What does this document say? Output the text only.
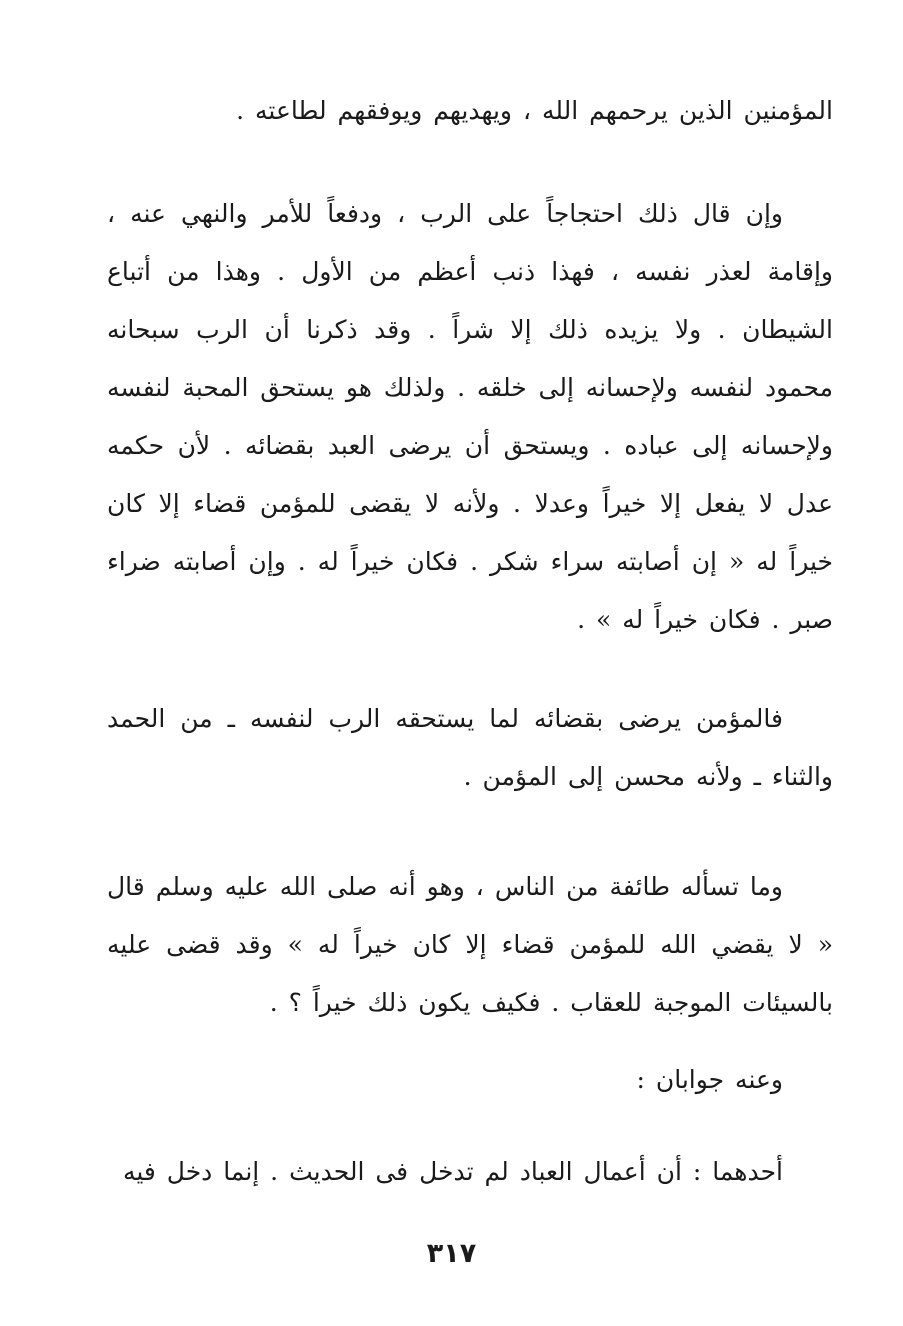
المؤمنين الذين يرحمهم الله ، ويهديهم ويوفقهم لطاعته .

وإن قال ذلك احتجاجاً على الرب ، ودفعاً للأمر والنهي عنه ، وإقامة لعذر نفسه ، فهذا ذنب أعظم من الأول . وهذا من أتباع الشيطان . ولا يزيده ذلك إلا شراً . وقد ذكرنا أن الرب سبحانه محمود لنفسه ولإحسانه إلى خلقه . ولذلك هو يستحق المحبة لنفسه ولإحسانه إلى عباده . ويستحق أن يرضى العبد بقضائه . لأن حكمه عدل لا يفعل إلا خيراً وعدلا . ولأنه لا يقضى للمؤمن قضاء إلا كان خيراً له « إن أصابته سراء شكر . فكان خيراً له . وإن أصابته ضراء صبر . فكان خيراً له » .

فالمؤمن يرضى بقضائه لما يستحقه الرب لنفسه ـ من الحمد والثناء ـ ولأنه محسن إلى المؤمن .

وما تسأله طائفة من الناس ، وهو أنه صلى الله عليه وسلم قال « لا يقضي الله للمؤمن قضاء إلا كان خيراً له » وقد قضى عليه بالسيئات الموجبة للعقاب . فكيف يكون ذلك خيراً ؟ .

وعنه جوابان :

أحدهما : أن أعمال العباد لم تدخل فى الحديث . إنما دخل فيه

٣١٧
